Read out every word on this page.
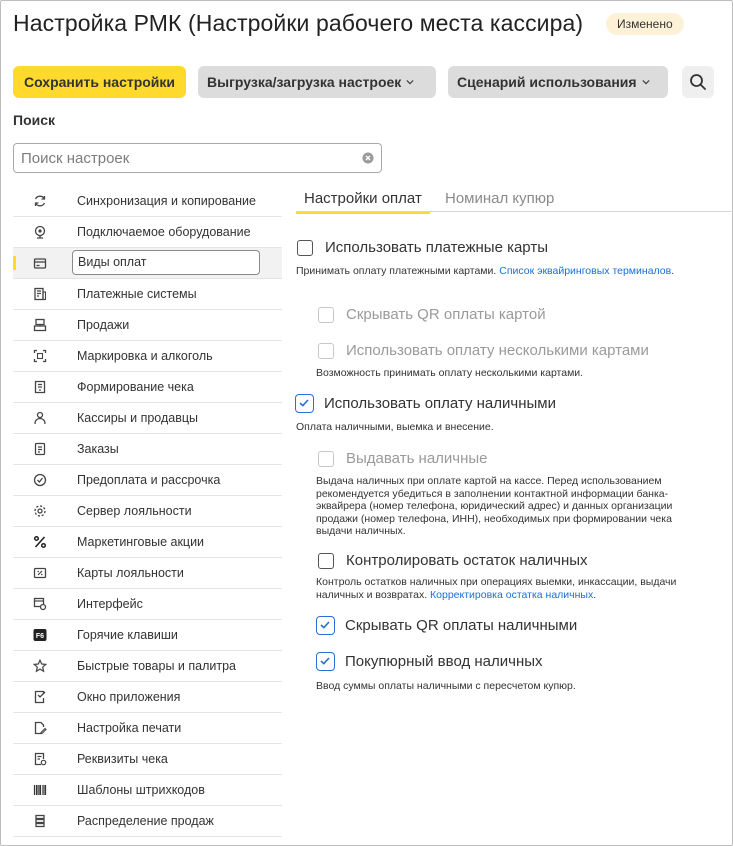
Настройка РМК (Настройки рабочего места кассира)	Изменено
Сохранить настройки Выгрузка/загрузка настроек	Сценарий использования
Поиск
Поиск настроек
Синхронизация и копирование
Подключаемое оборудование
Виды оплат
Платежные системы
Продажи
Маркировка и алкоголь
Формирование чека
Кассиры и продавцы
Заказы
Предоплата и рассрочка
Сервер лояльности
Маркетинговые акции
Карты лояльности
Интерфейс
F6	Горячие клавиши
Быстрые товары и палитра
Окно приложения
Настройка печати
Реквизиты чека
Шаблоны штрихкодов
Распределение продаж
Настройки оплат Номинал купюр
Использовать платежные карты
Принимать оплату платежными картами. Список эквайринговых терминалов.
Скрывать QR оплаты картой
Использовать оплату несколькими картами
Возможность принимать оплату несколькими картами.
Использовать оплату наличными
Оплата наличными, выемка и внесение.
Выдавать наличные
Выдача наличных при оплате картой на кассе. Перед использованием рекомендуется убедиться в заполнении контактной информации банка-эквайрера (номер телефона, юридический адрес) и данных организации продажи (номер телефона, ИНН), необходимых при формировании чека выдачи наличных.
Контролировать остаток наличных
Контроль остатков наличных при операциях выемки, инкассации, выдачи наличных и возвратах. Корректировка остатка наличных.
Скрывать QR оплаты наличными
Покупюрный ввод наличных
Ввод суммы оплаты наличными с пересчетом купюр.
